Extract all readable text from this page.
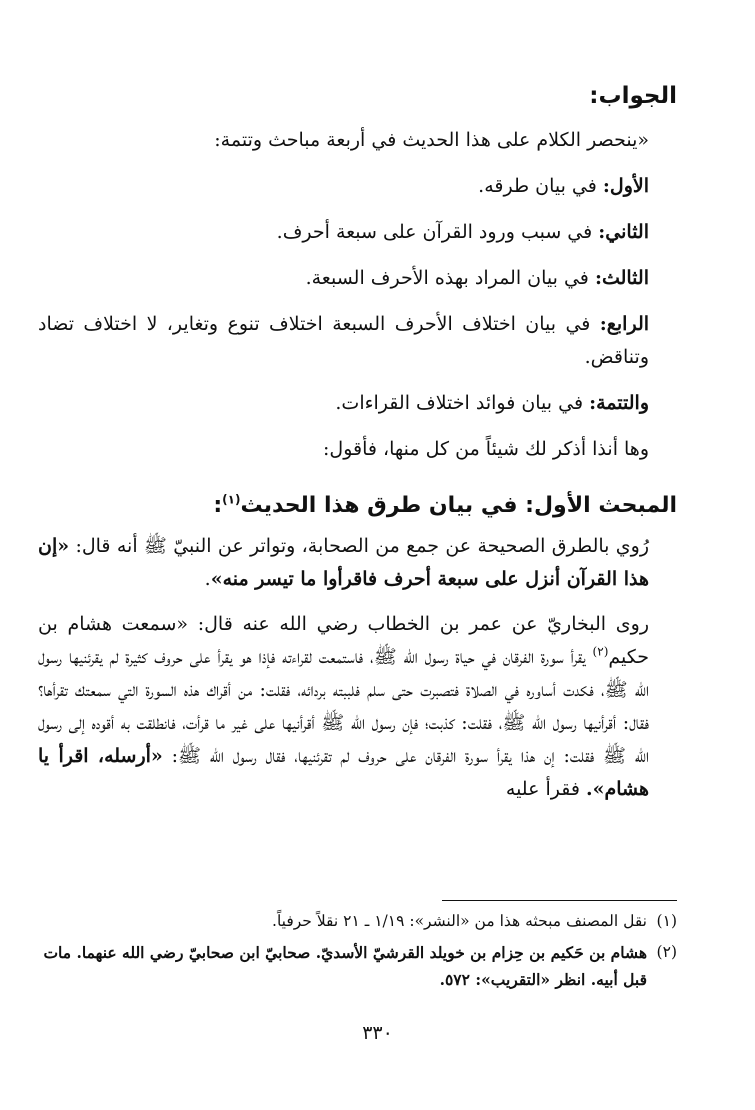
الجواب:

«ينحصر الكلام على هذا الحديث في أربعة مباحث وتتمة:

الأول: في بيان طرقه.

الثاني: في سبب ورود القرآن على سبعة أحرف.

الثالث: في بيان المراد بهذه الأحرف السبعة.

الرابع: في بيان اختلاف الأحرف السبعة اختلاف تنوع وتغاير، لا اختلاف تضاد وتناقض.

والتتمة: في بيان فوائد اختلاف القراءات.

وها أنذا أذكر لك شيئاً من كل منها، فأقول:

المبحث الأول: في بيان طرق هذا الحديث$^{(١)}$:

رُوي بالطرق الصحيحة عن جمع من الصحابة، وتواتر عن النبيّ ﷺ أنه قال: «إن هذا القرآن أنزل على سبعة أحرف فاقرأوا ما تيسر منه».

روى البخاريّ عن عمر بن الخطاب رضي الله عنه قال: «سمعت هشام بن حكيم$^{(٢)}$ يقرأ سورة الفرقان في حياة رسول الله ﷺ، فاستمعت لقراءته فإذا هو يقرأ على حروف كثيرة لم يقرئنيها رسول الله ﷺ، فكدت أساوره في الصلاة فتصبرت حتى سلم فلببته بردائه، فقلت: من أقراك هذه السورة التي سمعتك تقرأها؟ فقال: أقرأنيها رسول الله ﷺ، فقلت: كذبت؛ فإن رسول الله ﷺ أقرأنيها على غير ما قرأت، فانطلقت به أقوده إلى رسول الله ﷺ فقلت: إن هذا يقرأ سورة الفرقان على حروف لم تقرئنيها، فقال رسول الله ﷺ: «أرسله، اقرأ يا هشام». فقرأ عليه

(١)
نقل المصنف مبحثه هذا من «النشر»: ١/١٩ ـ ٢١ نقلاً حرفياً.

(٢)
هشام بن حَكيم بن حِزام بن خويلد القرشيّ الأسديّ. صحابيّ ابن صحابيّ رضي الله عنهما. مات قبل أبيه. انظر «التقريب»: ٥٧٢.

٣٣٠
